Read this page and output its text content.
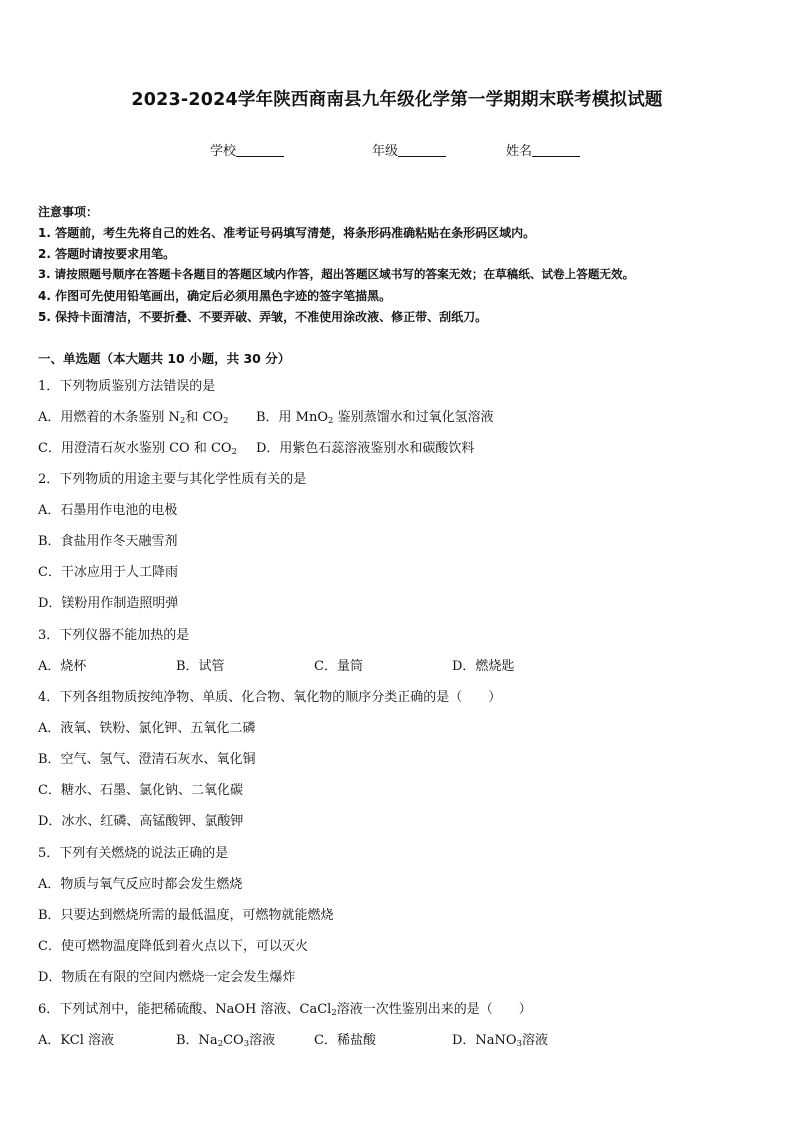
2023-2024学年陕西商南县九年级化学第一学期期末联考模拟试题
学校	年级	姓名
注意事项：
1. 答题前，考生先将自己的姓名、准考证号码填写清楚，将条形码准确粘贴在条形码区域内。
2. 答题时请按要求用笔。
3. 请按照题号顺序在答题卡各题目的答题区域内作答，超出答题区域书写的答案无效；在草稿纸、试卷上答题无效。
4. 作图可先使用铅笔画出，确定后必须用黑色字迹的签字笔描黑。
5. 保持卡面清洁，不要折叠、不要弄破、弄皱，不准使用涂改液、修正带、刮纸刀。
一、单选题（本大题共 10 小题，共 30 分）
1．下列物质鉴别方法错误的是
A．用燃着的木条鉴别 $N_2$和 $CO_2$ B．用 MnO$_2$ 鉴别蒸馏水和过氧化氢溶液
C．用澄清石灰水鉴别 CO 和 $CO_2$ D．用紫色石蕊溶液鉴别水和碳酸饮料
2．下列物质的用途主要与其化学性质有关的是
A．石墨用作电池的电极
B．食盐用作冬天融雪剂
C．干冰应用于人工降雨
D．镁粉用作制造照明弹
3．下列仪器不能加热的是
A．烧杯	B．试管	C．量筒	D．燃烧匙
4．下列各组物质按纯净物、单质、化合物、氧化物的顺序分类正确的是（　　）
A．液氧、铁粉、氯化钾、五氧化二磷
B．空气、氢气、澄清石灰水、氧化铜
C．糖水、石墨、氯化钠、二氧化碳
D．冰水、红磷、高锰酸钾、氯酸钾
5．下列有关燃烧的说法正确的是
A．物质与氧气反应时都会发生燃烧
B．只要达到燃烧所需的最低温度，可燃物就能燃烧
C．使可燃物温度降低到着火点以下，可以灭火
D．物质在有限的空间内燃烧一定会发生爆炸
6．下列试剂中，能把稀硫酸、NaOH 溶液、CaCl$_2$溶液一次性鉴别出来的是（　　）
A．KCl 溶液	B．$Na_2CO_3$溶液	C．稀盐酸	D．NaNO$_3$溶液
